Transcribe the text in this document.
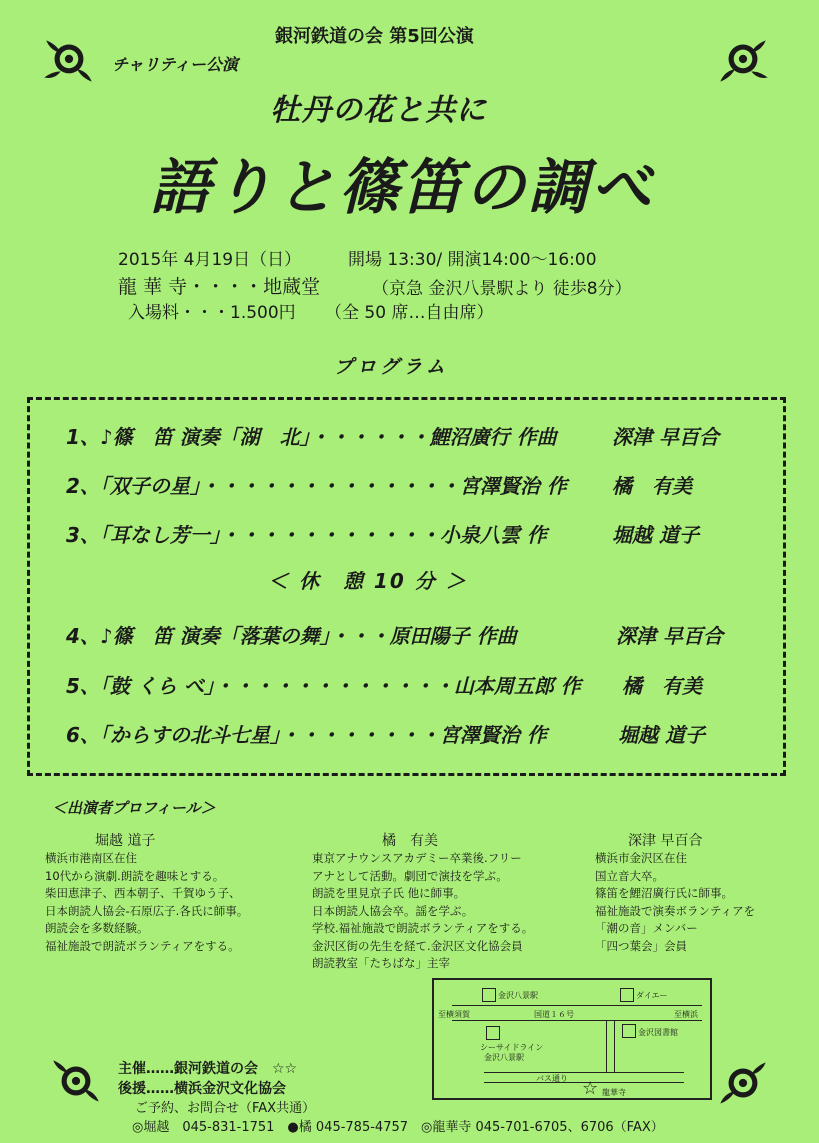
銀河鉄道の会 第5回公演
チャリティー公演
牡丹の花と共に
語りと篠笛の調べ
2015年 4月19日（日）	開場 13:30/ 開演14:00〜16:00
龍 華 寺・・・・地蔵堂	（京急 金沢八景駅より 徒歩8分）
入場料・・・1.500円 （全 50 席…自由席）
プログラム
1、♪篠　笛 演奏「湖　北」・・・・・・鯉沼廣行 作曲	深津 早百合
2、「双子の星」・・・・・・・・・・・・・宮澤賢治 作 橘　有美
3、「耳なし芳一」・・・・・・・・・・・小泉八雲 作	堀越 道子
＜ 休　憩 10 分 ＞
4、♪篠　笛 演奏「落葉の舞」・・・原田陽子 作曲	深津 早百合
5、「鼓 くら べ」・・・・・・・・・・・・山本周五郎 作 橘　有美
6、「からすの北斗七星」・・・・・・・・宮澤賢治 作	堀越 道子
＜出演者プロフィール＞
堀越 道子
横浜市港南区在住
10代から演劇.朗読を趣味とする。
柴田恵津子、西本朝子、千賀ゆう子、
日本朗読人協会-石原広子.各氏に師事。
朗読会を多数経験。
福祉施設で朗読ボランティアをする。
橘　有美
東京アナウンスアカデミー卒業後.フリー
アナとして活動。劇団で演技を学ぶ。
朗読を里見京子氏 他に師事。
日本朗読人協会卒。謡を学ぶ。
学校.福祉施設で朗読ボランティアをする。
金沢区街の先生を経て.金沢区文化協会員
朗読教室「たちばな」主宰
深津 早百合
横浜市金沢区在住
国立音大卒。
篠笛を鯉沼廣行氏に師事。
福祉施設で演奏ボランティアを
「潮の音」メンバー
「四つ葉会」会員
金沢八景駅	ダイエー
至横須賀	国道１６号	至横浜
シーサイドライン
金沢八景駅
金沢図書館
バス通り ☆ 龍華寺
主催……銀河鉄道の会　☆☆
後援……横浜金沢文化協会
ご予約、お問合せ（FAX共通）
◎堀越　045-831-1751　●橘 045-785-4757　◎龍華寺 045-701-6705、6706（FAX）
